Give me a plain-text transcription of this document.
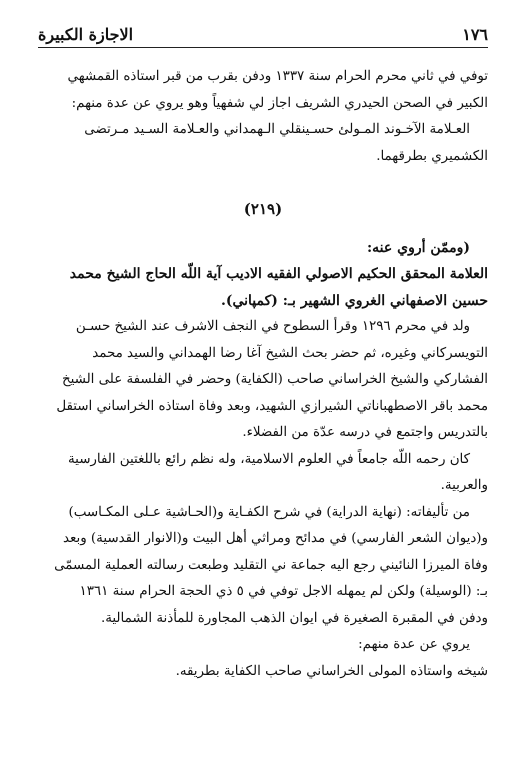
١٧٦
الاجازة الكبيرة

توفي في ثاني محرم الحرام سنة ١٣٣٧ ودفن بقرب من قبر استاذه القمشهي
الكبير في الصحن الحيدري الشريف اجاز لي شفهياً وهو يروي عن عدة منهم:
العـلامة الآخـوند المـولئ حسـينقلي الـهمداني والعـلامة السـيد مـرتضى
الكشميري بطرقهما.

(٢١٩)

(وممّن أروي عنه:

العلامة المحقق الحكيم الاصولي الفقيه الاديب آية اللّه الحاج الشيخ محمد
حسين الاصفهاني الغروي الشهير بـ: (كمپاني).

ولد في محرم ١٢٩٦ وقرأ السطوح في النجف الاشرف عند الشيخ حسـن
التويسركاني وغيره، ثم حضر بحث الشيخ آغا رضا الهمداني والسيد محمد
الفشاركي والشيخ الخراساني صاحب (الكفاية) وحضر في الفلسفة على الشيخ
محمد باقر الاصطهباناتي الشيرازي الشهيد، وبعد وفاة استاذه الخراساني استقل
بالتدريس واجتمع في درسه عدّة من الفضلاء.

كان رحمه اللّه جامعاً في العلوم الاسلامية، وله نظم رائع باللغتين الفارسية
والعربية.

من تأليفاته: (نهاية الدراية) في شرح الكفـاية و(الحـاشية عـلى المكـاسب)
و(ديوان الشعر الفارسي) في مدائح ومراثي أهل البيت و(الانوار القدسية) وبعد
وفاة الميرزا النائيني رجع اليه جماعة ني التقليد وطبعت رسالته العملية المسمّى
بـ: (الوسيلة) ولكن لم يمهله الاجل توفي في ٥ ذي الحجة الحرام سنة ١٣٦١
ودفن في المقبرة الصغيرة في ايوان الذهب المجاورة للمأذنة الشمالية.

يروي عن عدة منهم:
شيخه واستاذه المولى الخراساني صاحب الكفاية بطريقه.
